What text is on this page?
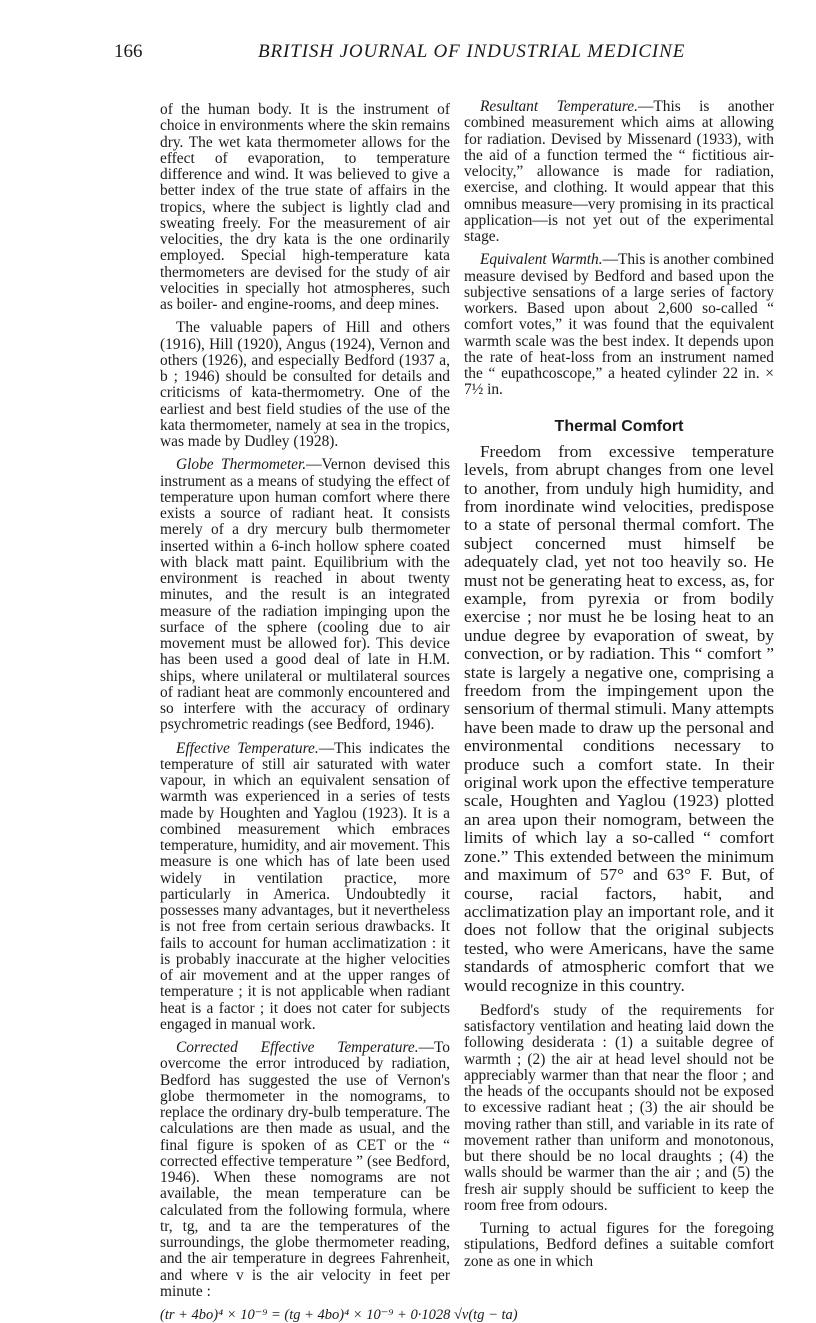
166	BRITISH JOURNAL OF INDUSTRIAL MEDICINE

of the human body. It is the instrument of choice in environments where the skin remains dry. The wet kata thermometer allows for the effect of evaporation, to temperature difference and wind. It was believed to give a better index of the true state of affairs in the tropics, where the subject is lightly clad and sweating freely. For the measurement of air velocities, the dry kata is the one ordinarily employed. Special high-temperature kata thermometers are devised for the study of air velocities in specially hot atmospheres, such as boiler- and engine-rooms, and deep mines.

The valuable papers of Hill and others (1916), Hill (1920), Angus (1924), Vernon and others (1926), and especially Bedford (1937 a, b ; 1946) should be consulted for details and criticisms of kata-thermometry. One of the earliest and best field studies of the use of the kata thermometer, namely at sea in the tropics, was made by Dudley (1928).

Globe Thermometer.—Vernon devised this instrument as a means of studying the effect of temperature upon human comfort where there exists a source of radiant heat. It consists merely of a dry mercury bulb thermometer inserted within a 6-inch hollow sphere coated with black matt paint. Equilibrium with the environment is reached in about twenty minutes, and the result is an integrated measure of the radiation impinging upon the surface of the sphere (cooling due to air movement must be allowed for). This device has been used a good deal of late in H.M. ships, where unilateral or multilateral sources of radiant heat are commonly encountered and so interfere with the accuracy of ordinary psychrometric readings (see Bedford, 1946).

Effective Temperature.—This indicates the temperature of still air saturated with water vapour, in which an equivalent sensation of warmth was experienced in a series of tests made by Houghten and Yaglou (1923). It is a combined measurement which embraces temperature, humidity, and air movement. This measure is one which has of late been used widely in ventilation practice, more particularly in America. Undoubtedly it possesses many advantages, but it nevertheless is not free from certain serious drawbacks. It fails to account for human acclimatization : it is probably inaccurate at the higher velocities of air movement and at the upper ranges of temperature ; it is not applicable when radiant heat is a factor ; it does not cater for subjects engaged in manual work.

Corrected Effective Temperature.—To overcome the error introduced by radiation, Bedford has suggested the use of Vernon's globe thermometer in the nomograms, to replace the ordinary dry-bulb temperature. The calculations are then made as usual, and the final figure is spoken of as CET or the “ corrected effective temperature ” (see Bedford, 1946). When these nomograms are not available, the mean temperature can be calculated from the following formula, where tr, tg, and ta are the temperatures of the surroundings, the globe thermometer reading, and the air temperature in degrees Fahrenheit, and where v is the air velocity in feet per minute :

(tr + 4bo)⁴ × 10⁻⁹ = (tg + 4bo)⁴ × 10⁻⁹ + 0·1028 √v(tg − ta)

Resultant Temperature.—This is another combined measurement which aims at allowing for radiation. Devised by Missenard (1933), with the aid of a function termed the “ fictitious air-velocity,” allowance is made for radiation, exercise, and clothing. It would appear that this omnibus measure—very promising in its practical application—is not yet out of the experimental stage.

Equivalent Warmth.—This is another combined measure devised by Bedford and based upon the subjective sensations of a large series of factory workers. Based upon about 2,600 so-called “ comfort votes,” it was found that the equivalent warmth scale was the best index. It depends upon the rate of heat-loss from an instrument named the “ eupathcoscope,” a heated cylinder 22 in. × 7½ in.

Thermal Comfort

Freedom from excessive temperature levels, from abrupt changes from one level to another, from unduly high humidity, and from inordinate wind velocities, predispose to a state of personal thermal comfort. The subject concerned must himself be adequately clad, yet not too heavily so. He must not be generating heat to excess, as, for example, from pyrexia or from bodily exercise ; nor must he be losing heat to an undue degree by evaporation of sweat, by convection, or by radiation. This “ comfort ” state is largely a negative one, comprising a freedom from the impingement upon the sensorium of thermal stimuli. Many attempts have been made to draw up the personal and environmental conditions necessary to produce such a comfort state. In their original work upon the effective temperature scale, Houghten and Yaglou (1923) plotted an area upon their nomogram, between the limits of which lay a so-called “ comfort zone.” This extended between the minimum and maximum of 57° and 63° F. But, of course, racial factors, habit, and acclimatization play an important role, and it does not follow that the original subjects tested, who were Americans, have the same standards of atmospheric comfort that we would recognize in this country.

Bedford's study of the requirements for satisfactory ventilation and heating laid down the following desiderata : (1) a suitable degree of warmth ; (2) the air at head level should not be appreciably warmer than that near the floor ; and the heads of the occupants should not be exposed to excessive radiant heat ; (3) the air should be moving rather than still, and variable in its rate of movement rather than uniform and monotonous, but there should be no local draughts ; (4) the walls should be warmer than the air ; and (5) the fresh air supply should be sufficient to keep the room free from odours.

Turning to actual figures for the foregoing stipulations, Bedford defines a suitable comfort zone as one in which
